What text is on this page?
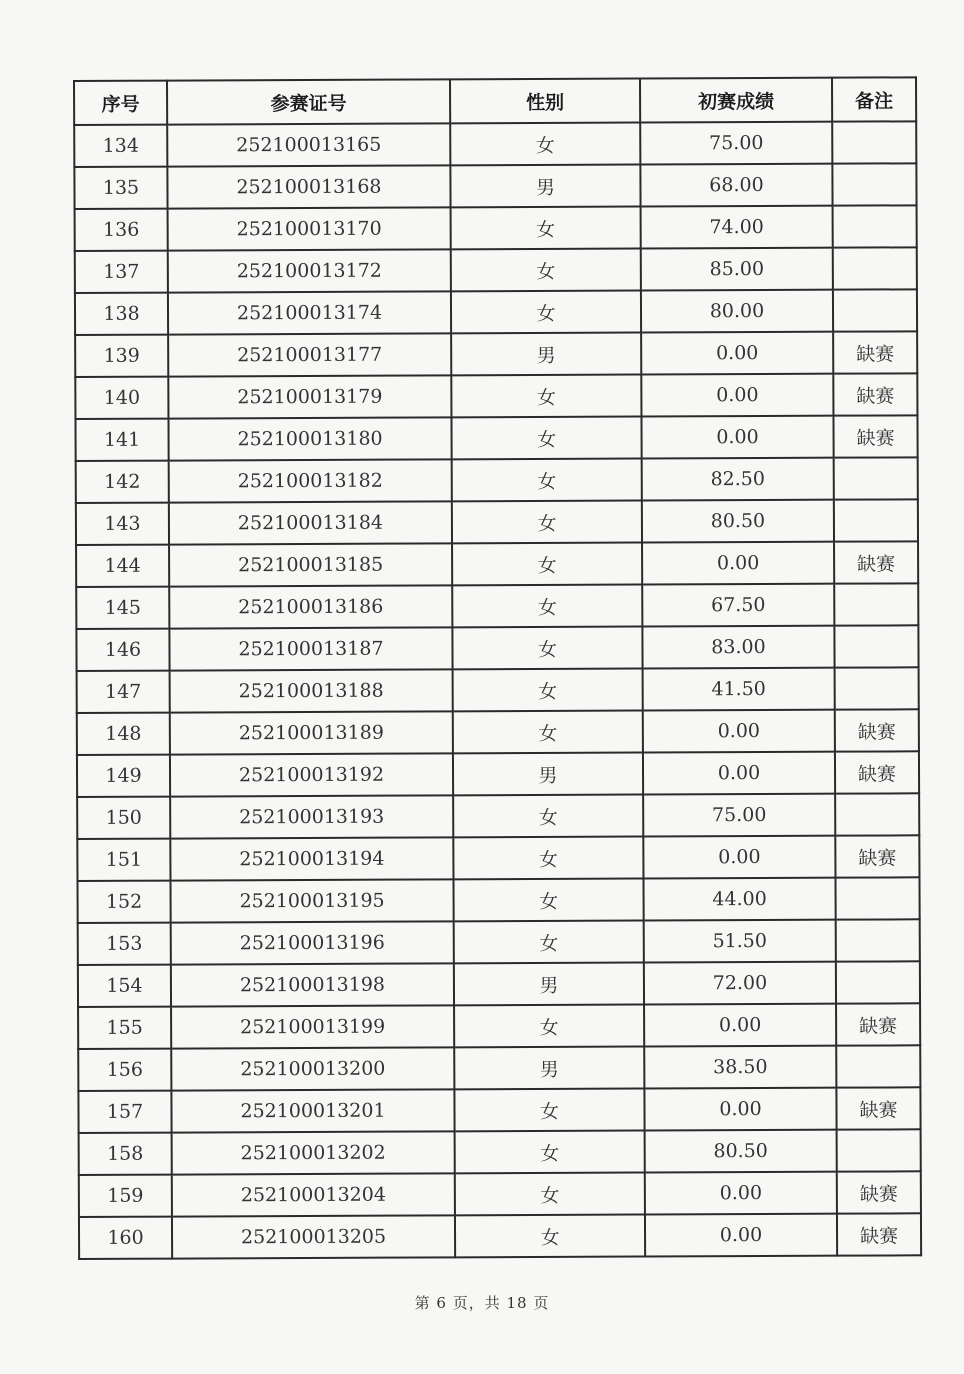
序号	参赛证号	性别	初赛成绩	备注
134	252100013165	女	75.00	
135	252100013168	男	68.00	
136	252100013170	女	74.00	
137	252100013172	女	85.00	
138	252100013174	女	80.00	
139	252100013177	男	0.00	缺赛
140	252100013179	女	0.00	缺赛
141	252100013180	女	0.00	缺赛
142	252100013182	女	82.50	
143	252100013184	女	80.50	
144	252100013185	女	0.00	缺赛
145	252100013186	女	67.50	
146	252100013187	女	83.00	
147	252100013188	女	41.50	
148	252100013189	女	0.00	缺赛
149	252100013192	男	0.00	缺赛
150	252100013193	女	75.00	
151	252100013194	女	0.00	缺赛
152	252100013195	女	44.00	
153	252100013196	女	51.50	
154	252100013198	男	72.00	
155	252100013199	女	0.00	缺赛
156	252100013200	男	38.50	
157	252100013201	女	0.00	缺赛
158	252100013202	女	80.50	
159	252100013204	女	0.00	缺赛
160	252100013205	女	0.00	缺赛
第 6 页，共 18 页
